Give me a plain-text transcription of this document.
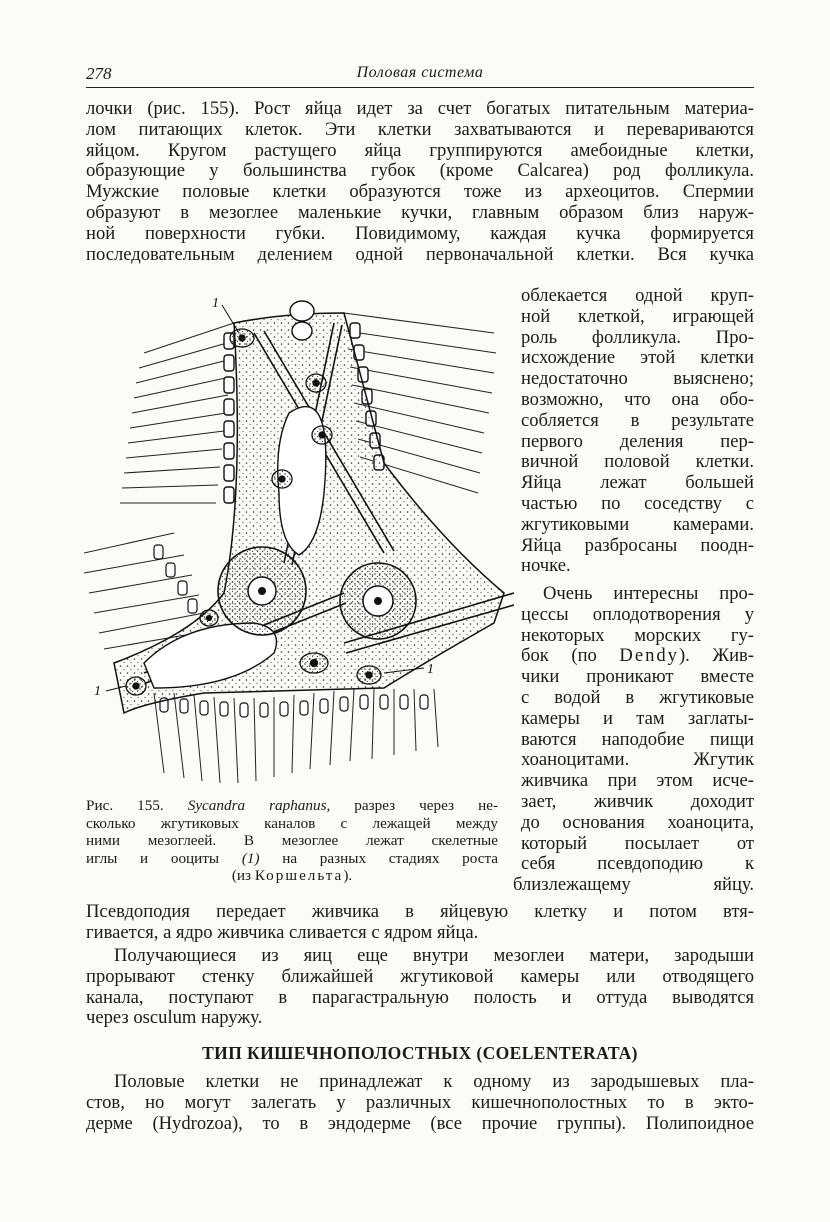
278	Половая система
лочки (рис. 155). Рост яйца идет за счет богатых питательным материа-
лом питающих клеток. Эти клетки захватываются и перевариваются
яйцом. Кругом растущего яйца группируются амебоидные клетки,
образующие у большинства губок (кроме Calcarea) род фолликула.
Мужские половые клетки образуются тоже из археоцитов. Спермии
образуют в мезоглее маленькие кучки, главным образом близ наруж-
ной поверхности губки. Повидимому, каждая кучка формируется
последовательным делением одной первоначальной клетки. Вся кучка
облекается одной круп-
ной клеткой, играющей
роль фолликула. Про-
исхождение этой клетки
недостаточно выяснено;
возможно, что она обо-
собляется в результате
первого деления пер-
вичной половой клетки.
Яйца лежат большей
частью по соседству с
жгутиковыми камерами.
Яйца разбросаны поодн-
ночке.
Очень интересны про-
цессы оплодотворения у
некоторых морских гу-
бок (по Dendy). Жив-
чики проникают вместе
с водой в жгутиковые
камеры и там заглаты-
ваются наподобие пищи
хоаноцитами. Жгутик
живчика при этом исче-
зает, живчик доходит
до основания хоаноцита,
который посылает от
себя псевдоподию к
близлежащему яйцу.
1
1
1
Рис. 155. Sycandra raphanus, разрез через не-
сколько жгутиковых каналов с лежащей между
ними мезоглеей. В мезоглее лежат скелетные
иглы и ооциты (1) на разных стадиях роста
(из Коршельта).
Псевдоподия передает живчика в яйцевую клетку и потом втя-
гивается, а ядро живчика сливается с ядром яйца.
Получающиеся из яиц еще внутри мезоглеи матери, зародыши
прорывают стенку ближайшей жгутиковой камеры или отводящего
канала, поступают в парагастральную полость и оттуда выводятся
через osculum наружу.
ТИП КИШЕЧНОПОЛОСТНЫХ (COELENTERATA)
Половые клетки не принадлежат к одному из зародышевых пла-
стов, но могут залегать у различных кишечнополостных то в экто-
дерме (Hydrozoa), то в эндодерме (все прочие группы). Полипоидное
